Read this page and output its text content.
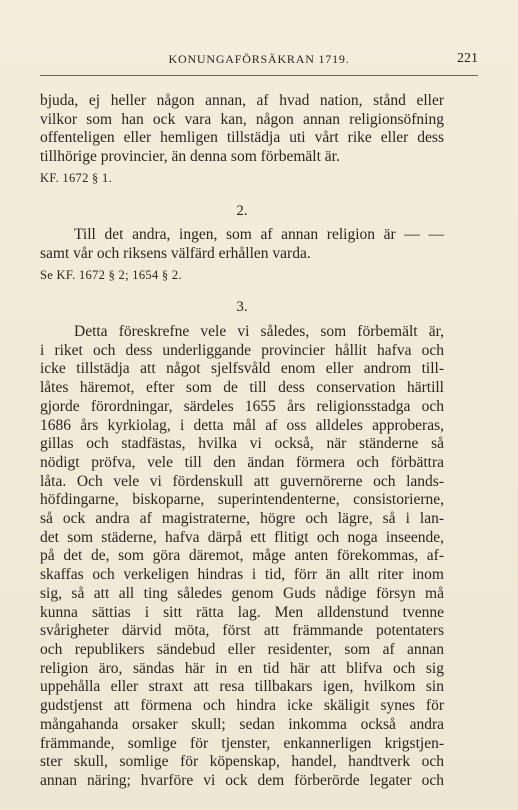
KONUNGAFÖRSÄKRAN 1719.	221
bjuda, ej heller någon annan, af hvad nation, stånd eller
vilkor som han ock vara kan, någon annan religionsöfning
offenteligen eller hemligen tillstädja uti vårt rike eller dess
tillhörige provincier, än denna som förbemält är.
KF. 1672 § 1.
2.
Till det andra, ingen, som af annan religion är — —
samt vår och riksens välfärd erhållen varda.
Se KF. 1672 § 2; 1654 § 2.
3.
Detta föreskrefne vele vi således, som förbemält är,
i riket och dess underliggande provincier hållit hafva och
icke tillstädja att något sjelfsvåld enom eller androm till-
låtes häremot, efter som de till dess conservation härtill
gjorde förordningar, särdeles 1655 års religionsstadga och
1686 års kyrkiolag, i detta mål af oss alldeles approberas,
gillas och stadfästas, hvilka vi också, när ständerne så
nödigt pröfva, vele till den ändan förmera och förbättra
låta. Och vele vi fördenskull att guvernörerne och lands-
höfdingarne, biskoparne, superintendenterne, consistorierne,
så ock andra af magistraterne, högre och lägre, så i lan-
det som städerne, hafva därpå ett flitigt och noga inseende,
på det de, som göra däremot, måge anten förekommas, af-
skaffas och verkeligen hindras i tid, förr än allt riter inom
sig, så att all ting således genom Guds nådige försyn må
kunna sättias i sitt rätta lag. Men alldenstund tvenne
svårigheter därvid möta, först att främmande potentaters
och republikers sändebud eller residenter, som af annan
religion äro, sändas här in en tid här att blifva och sig
uppehålla eller straxt att resa tillbakars igen, hvilkom sin
gudstjenst att förmena och hindra icke skäligit synes för
mångahanda orsaker skull; sedan inkomma också andra
främmande, somlige för tjenster, enkannerligen krigstjen-
ster skull, somlige för köpenskap, handel, handtverk och
annan näring; hvarföre vi ock dem förberörde legater och
